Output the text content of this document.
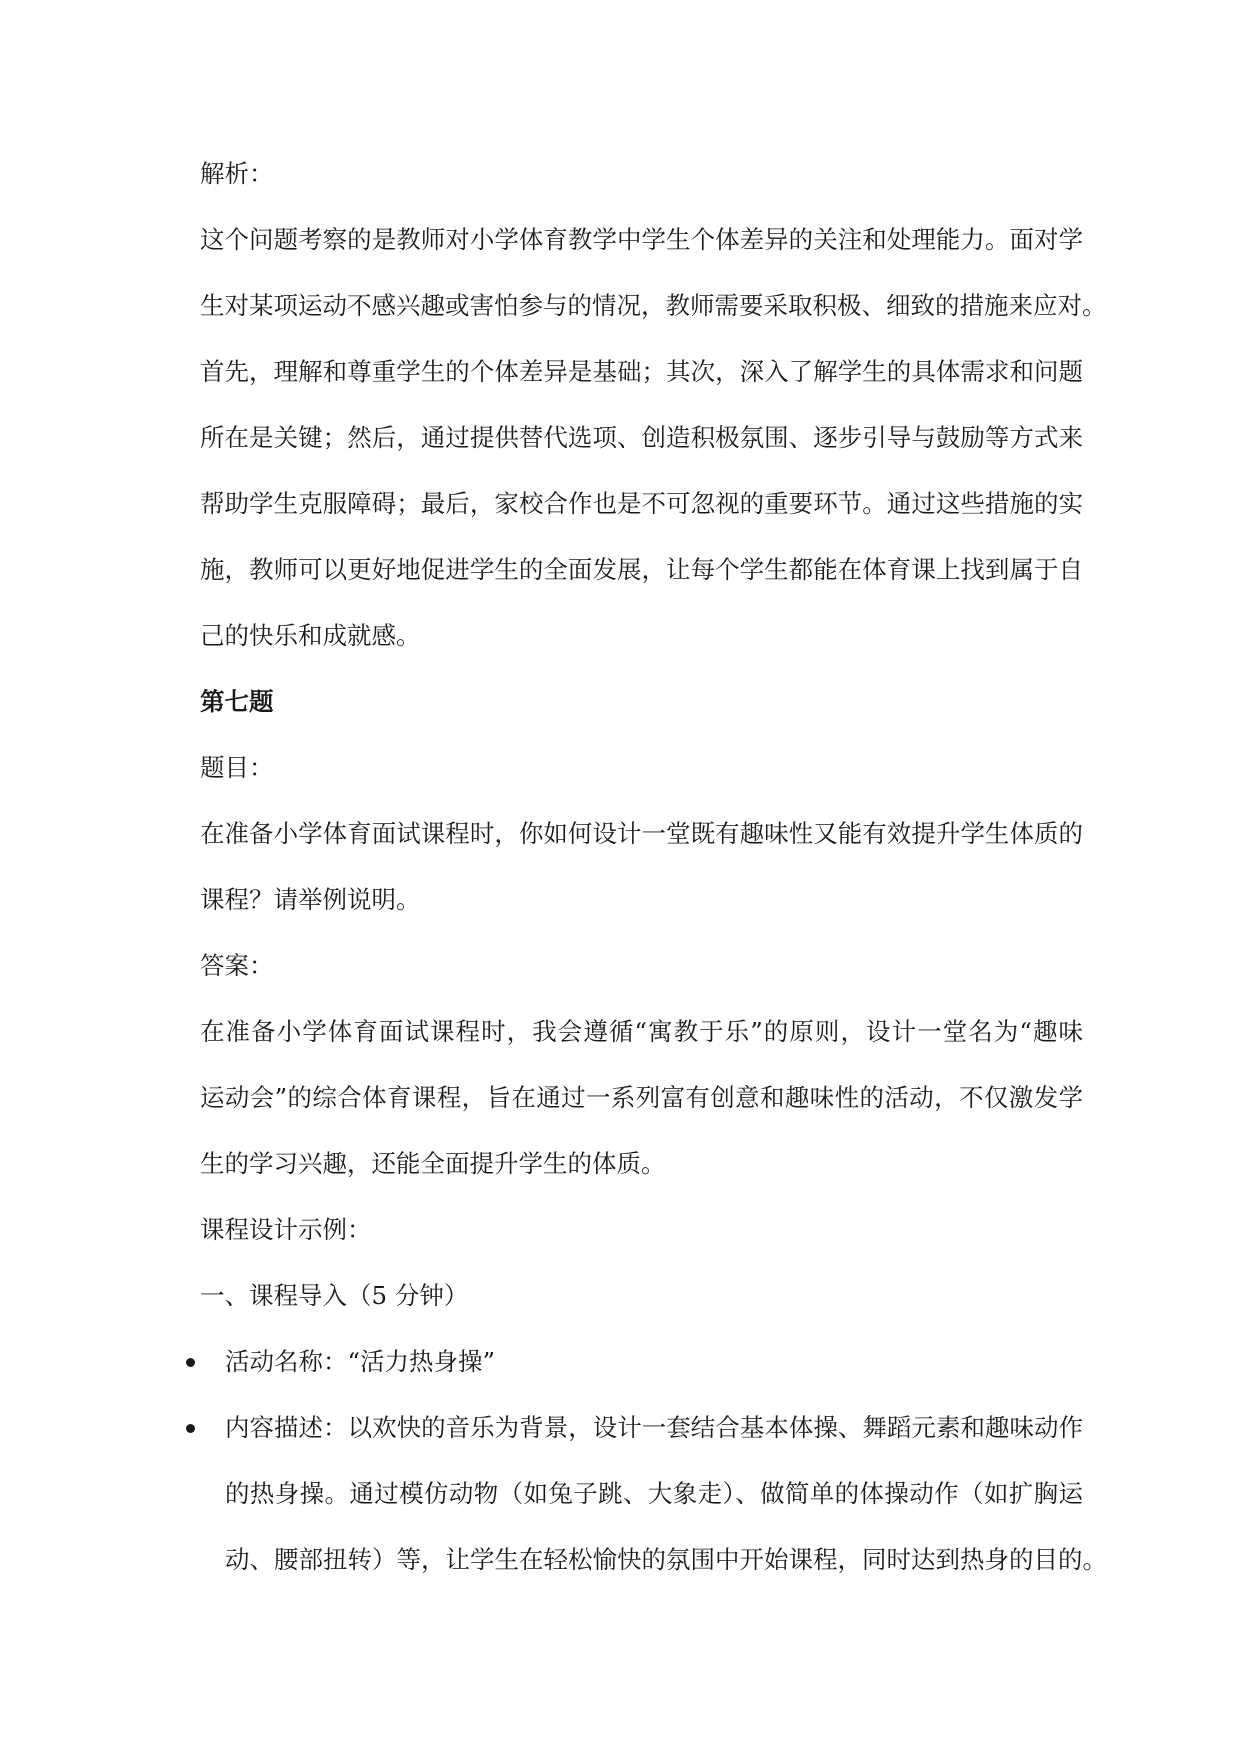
解析：

这个问题考察的是教师对小学体育教学中学生个体差异的关注和处理能力。面对学

生对某项运动不感兴趣或害怕参与的情况，教师需要采取积极、细致的措施来应对。

首先，理解和尊重学生的个体差异是基础；其次，深入了解学生的具体需求和问题

所在是关键；然后，通过提供替代选项、创造积极氛围、逐步引导与鼓励等方式来

帮助学生克服障碍；最后，家校合作也是不可忽视的重要环节。通过这些措施的实

施，教师可以更好地促进学生的全面发展，让每个学生都能在体育课上找到属于自

己的快乐和成就感。

第七题

题目：

在准备小学体育面试课程时，你如何设计一堂既有趣味性又能有效提升学生体质的

课程？请举例说明。

答案：

在准备小学体育面试课程时，我会遵循“寓教于乐”的原则，设计一堂名为“趣味

运动会”的综合体育课程，旨在通过一系列富有创意和趣味性的活动，不仅激发学

生的学习兴趣，还能全面提升学生的体质。

课程设计示例：

一、课程导入（5 分钟）

活动名称：“活力热身操”
内容描述：以欢快的音乐为背景，设计一套结合基本体操、舞蹈元素和趣味动作

的热身操。通过模仿动物（如兔子跳、大象走）、做简单的体操动作（如扩胸运

动、腰部扭转）等，让学生在轻松愉快的氛围中开始课程，同时达到热身的目的。
